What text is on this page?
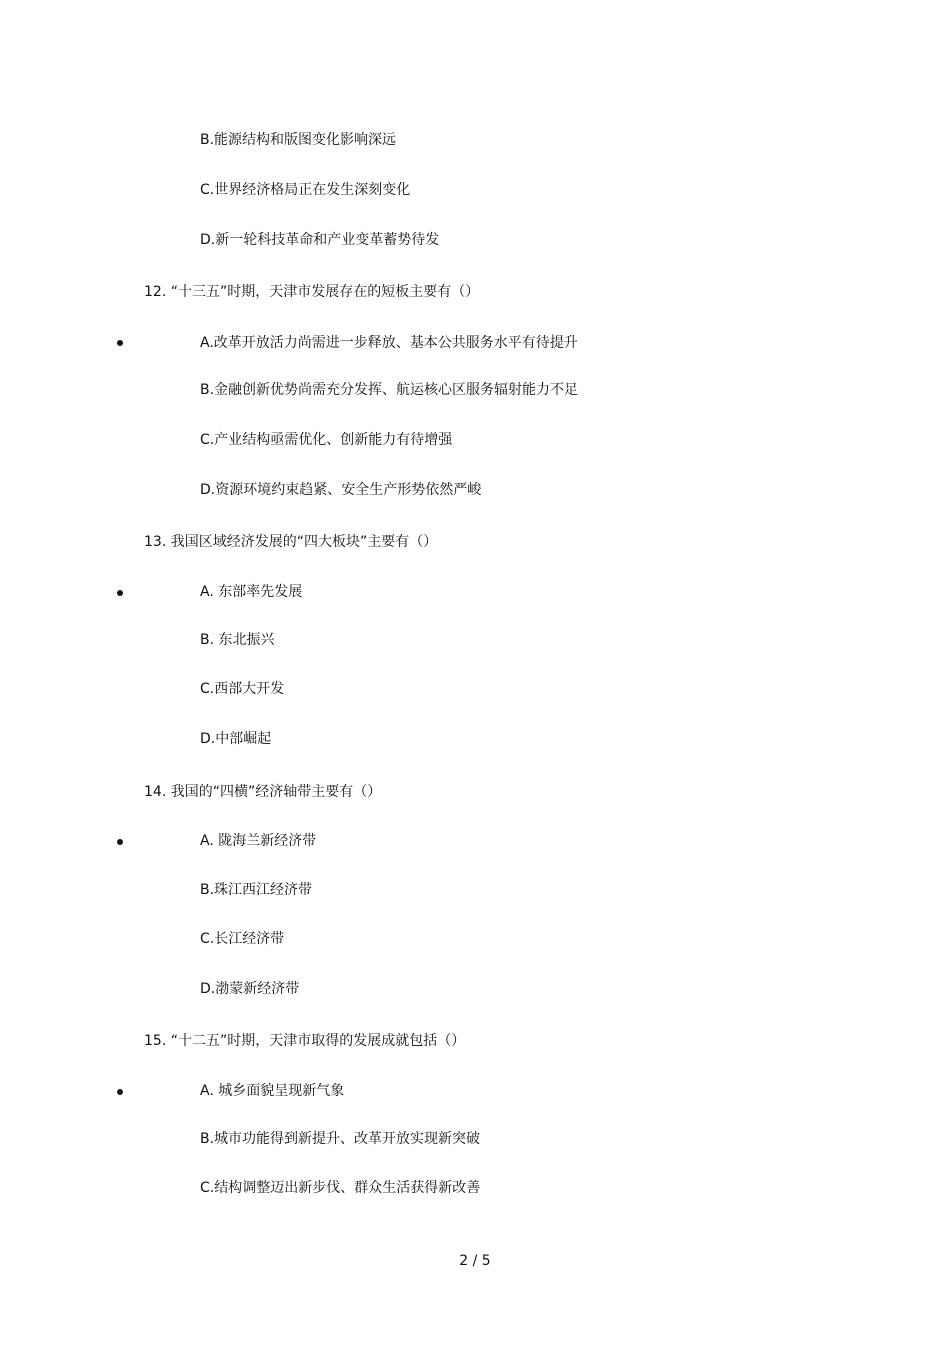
B.能源结构和版图变化影响深远
C.世界经济格局正在发生深刻变化
D.新一轮科技革命和产业变革蓄势待发
12. “十三五”时期，天津市发展存在的短板主要有（）
A.改革开放活力尚需进一步释放、基本公共服务水平有待提升
B.金融创新优势尚需充分发挥、航运核心区服务辐射能力不足
C.产业结构亟需优化、创新能力有待增强
D.资源环境约束趋紧、安全生产形势依然严峻
13. 我国区域经济发展的“四大板块”主要有（）
A. 东部率先发展
B. 东北振兴
C.西部大开发
D.中部崛起
14. 我国的“四横”经济轴带主要有（）
A. 陇海兰新经济带
B.珠江西江经济带
C.长江经济带
D.渤蒙新经济带
15. “十二五”时期，天津市取得的发展成就包括（）
A. 城乡面貌呈现新气象
B.城市功能得到新提升、改革开放实现新突破
C.结构调整迈出新步伐、群众生活获得新改善
2 / 5
